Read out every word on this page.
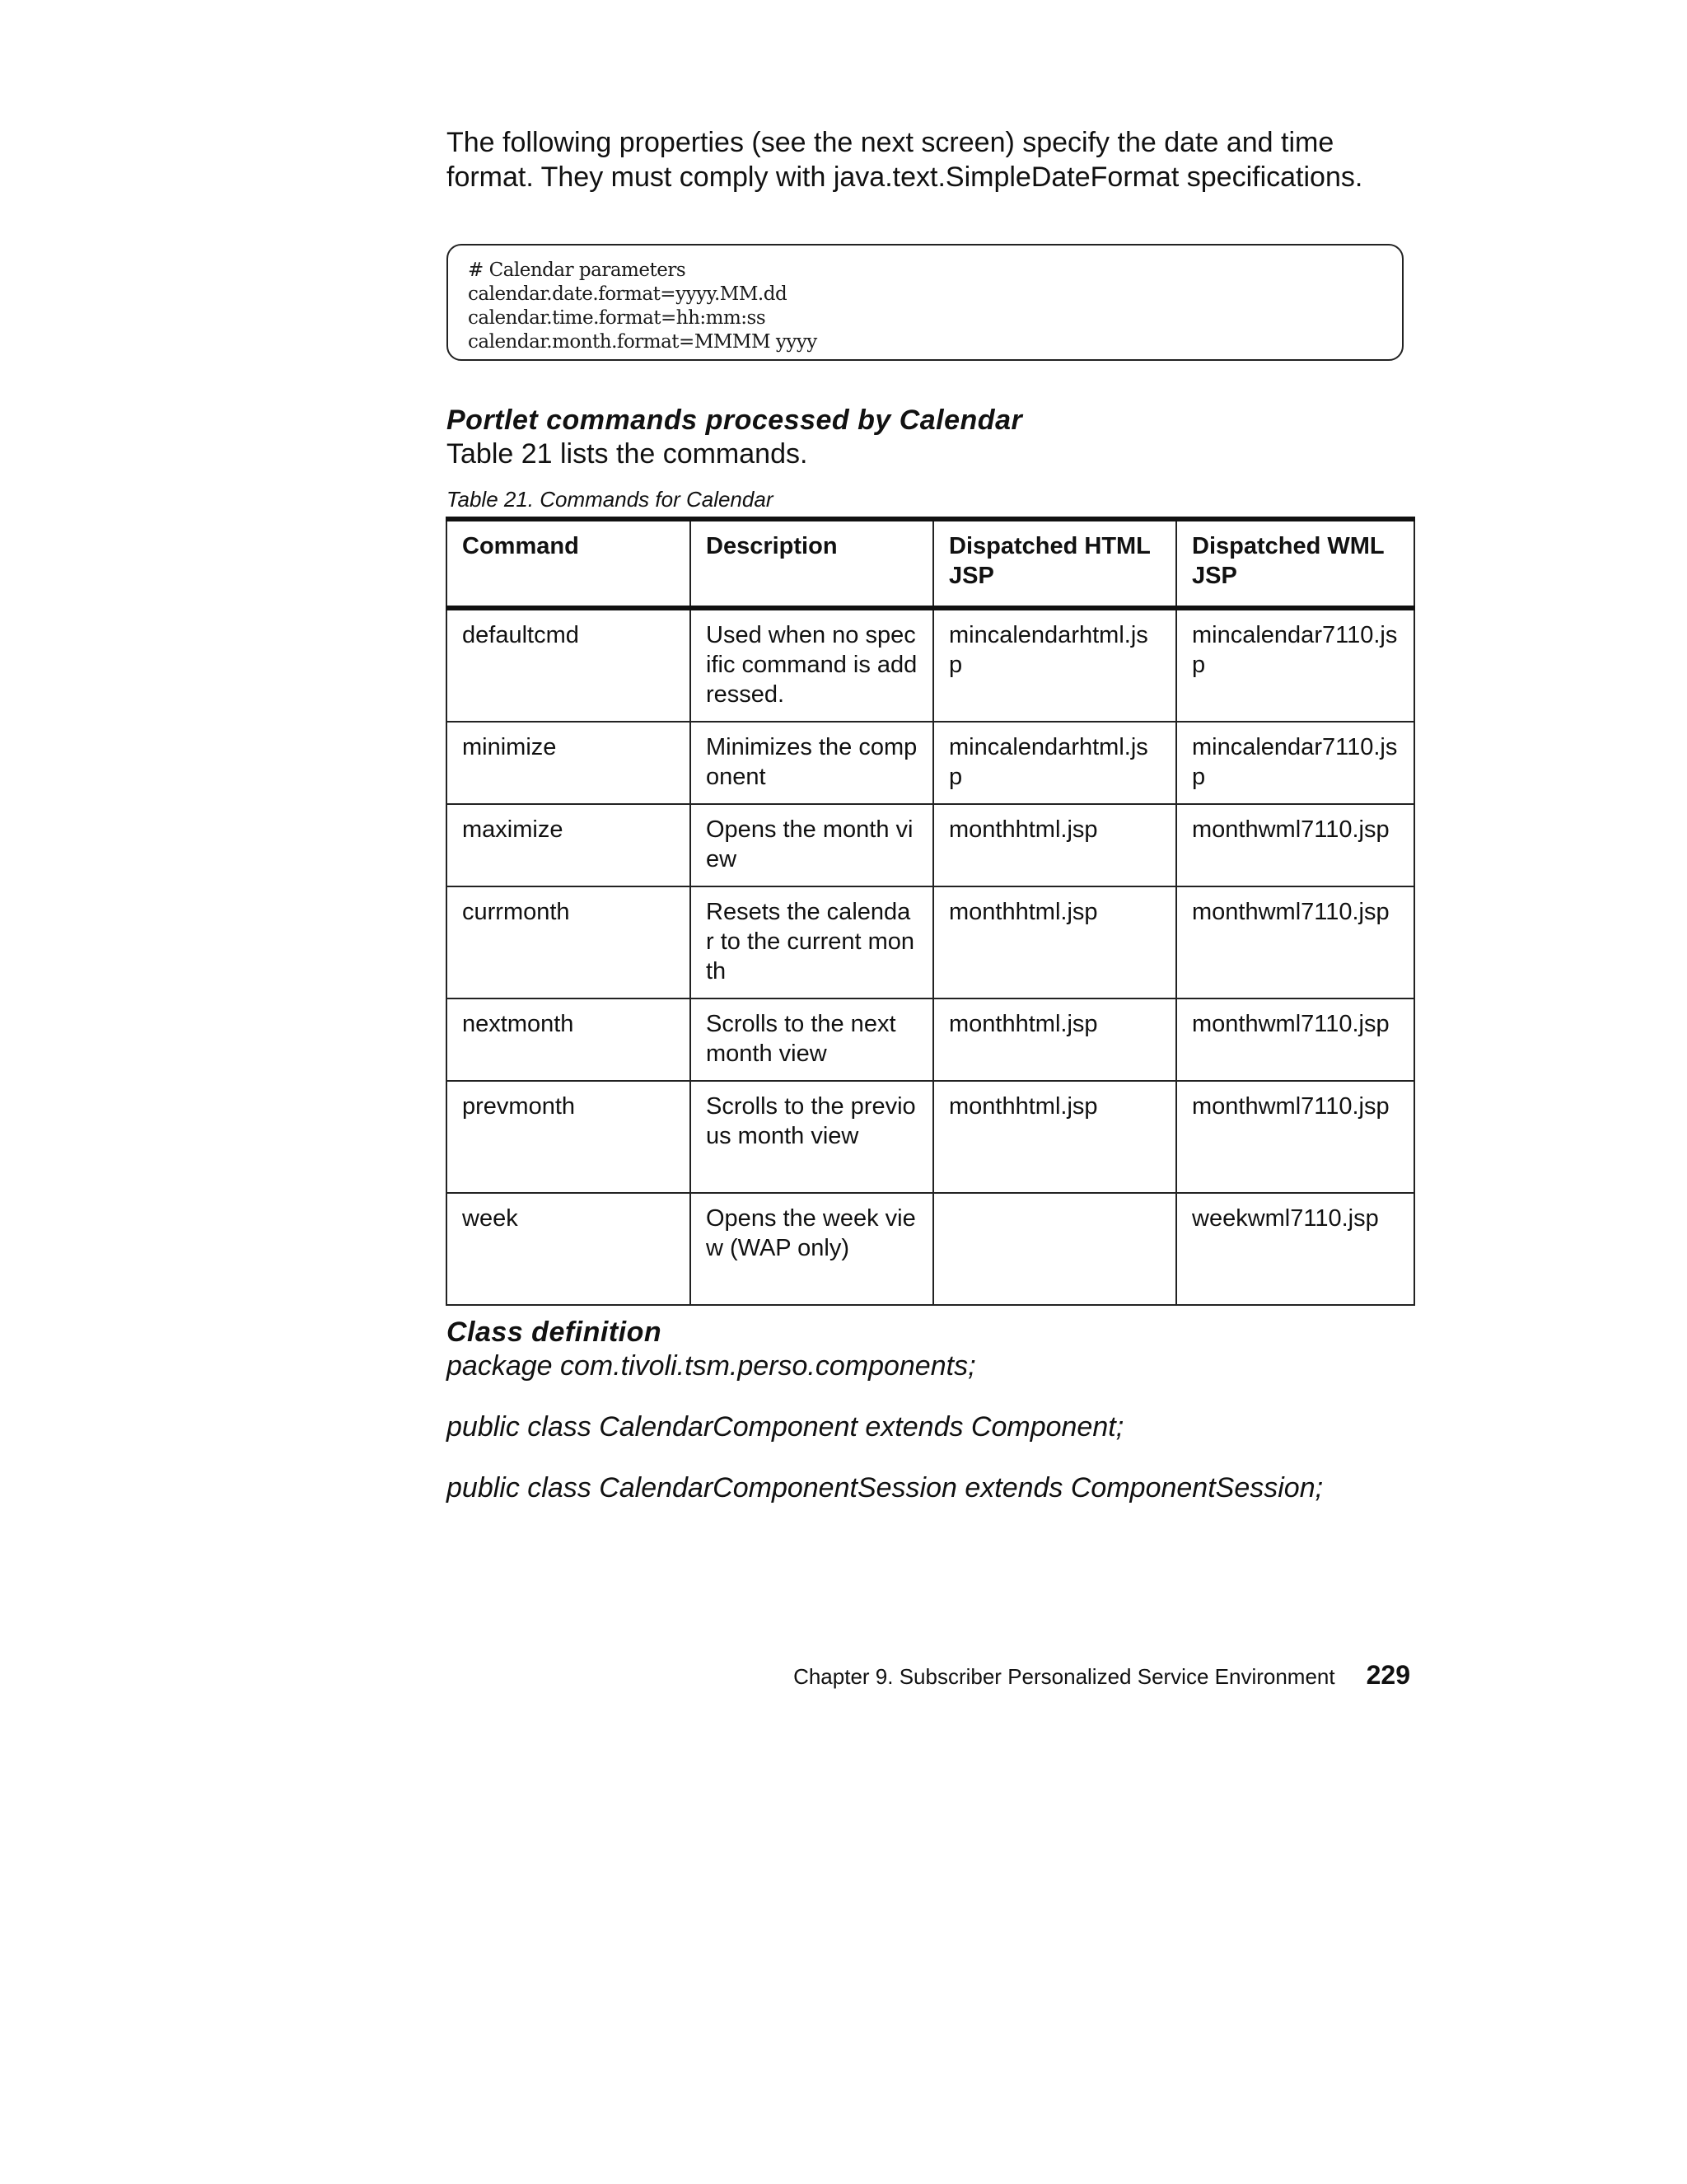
The following properties (see the next screen) specify the date and time
format. They must comply with java.text.SimpleDateFormat specifications.
# Calendar parameters
calendar.date.format=yyyy.MM.dd
calendar.time.format=hh:mm:ss
calendar.month.format=MMMM yyyy
Portlet commands processed by Calendar
Table 21 lists the commands.
Table 21. Commands for Calendar
Command	Description	Dispatched HTML JSP	Dispatched WML JSP
defaultcmd	Used when no specific command is addressed.	mincalendarhtml.jsp	mincalendar7110.jsp
minimize	Minimizes the component	mincalendarhtml.jsp	mincalendar7110.jsp
maximize	Opens the month view	monthhtml.jsp	monthwml7110.jsp
currmonth	Resets the calendar to the current month	monthhtml.jsp	monthwml7110.jsp
nextmonth	Scrolls to the next month view	monthhtml.jsp	monthwml7110.jsp
prevmonth	Scrolls to the previous month view	monthhtml.jsp	monthwml7110.jsp
week	Opens the week view (WAP only)		weekwml7110.jsp
Class definition
package com.tivoli.tsm.perso.components;
public class CalendarComponent extends Component;
public class CalendarComponentSession extends ComponentSession;
Chapter 9. Subscriber Personalized Service Environment 229
